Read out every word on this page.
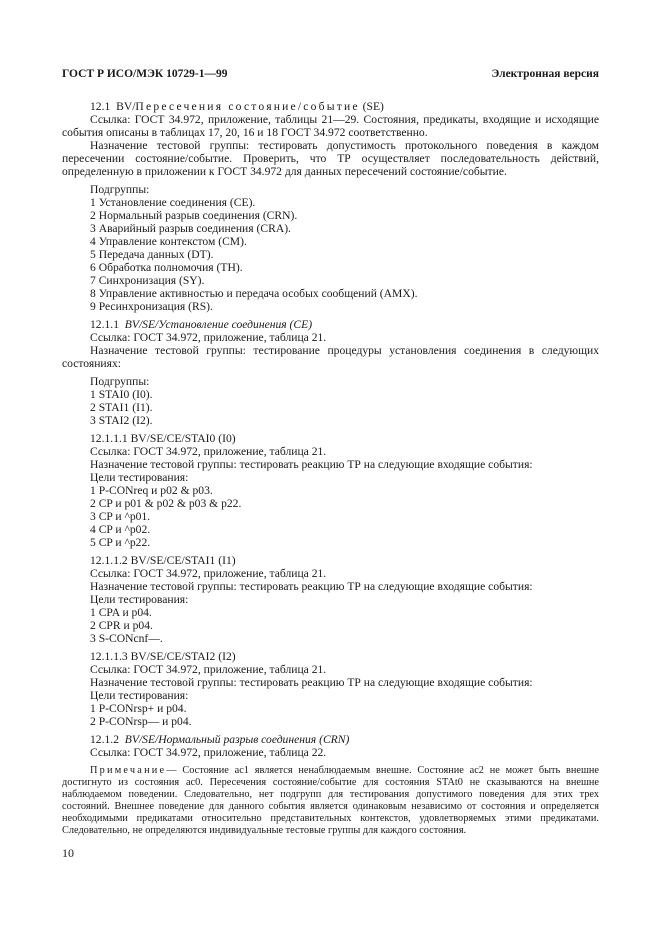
ГОСТ Р ИСО/МЭК 10729-1—99	Электронная версия

12.1 BV/Пересечения состояние/событие (SE)

Ссылка: ГОСТ 34.972, приложение, таблицы 21—29. Состояния, предикаты, входящие и исходящие события описаны в таблицах 17, 20, 16 и 18 ГОСТ 34.972 соответственно.

Назначение тестовой группы: тестировать допустимость протокольного поведения в каждом пересечении состояние/событие. Проверить, что ТР осуществляет последовательность действий, определенную в приложении к ГОСТ 34.972 для данных пересечений состояние/событие.

Подгруппы:

1 Установление соединения (CE).

2 Нормальный разрыв соединения (CRN).

3 Аварийный разрыв соединения (CRA).

4 Управление контекстом (CM).

5 Передача данных (DT).

6 Обработка полномочия (TH).

7 Синхронизация (SY).

8 Управление активностью и передача особых сообщений (AMX).

9 Ресинхронизация (RS).

12.1.1 BV/SE/Установление соединения (CE)

Ссылка: ГОСТ 34.972, приложение, таблица 21.

Назначение тестовой группы: тестирование процедуры установления соединения в следующих состояниях:

Подгруппы:

1 STAI0 (I0).

2 STAI1 (I1).

3 STAI2 (I2).

12.1.1.1 BV/SE/CE/STAI0 (I0)

Ссылка: ГОСТ 34.972, приложение, таблица 21.

Назначение тестовой группы: тестировать реакцию ТР на следующие входящие события:

Цели тестирования:

1 P-CONreq и p02 & p03.

2 CP и p01 & p02 & p03 & p22.

3 CP и ^p01.

4 CP и ^p02.

5 CP и ^p22.

12.1.1.2 BV/SE/CE/STAI1 (I1)

Ссылка: ГОСТ 34.972, приложение, таблица 21.

Назначение тестовой группы: тестировать реакцию ТР на следующие входящие события:

Цели тестирования:

1 CPA и p04.

2 CPR и p04.

3 S-CONcnf—.

12.1.1.3 BV/SE/CE/STAI2 (I2)

Ссылка: ГОСТ 34.972, приложение, таблица 21.

Назначение тестовой группы: тестировать реакцию ТР на следующие входящие события:

Цели тестирования:

1 P-CONrsp+ и p04.

2 P-CONrsp— и p04.

12.1.2 BV/SE/Нормальный разрыв соединения (CRN)

Ссылка: ГОСТ 34.972, приложение, таблица 22.

Примечание— Состояние ac1 является ненаблюдаемым внешне. Состояние ac2 не может быть внешне достигнуто из состояния ac0. Пересечения состояние/событие для состояния STAt0 не сказываются на внешне наблюдаемом поведении. Следовательно, нет подгрупп для тестирования допустимого поведения для этих трех состояний. Внешнее поведение для данного события является одинаковым независимо от состояния и определяется необходимыми предикатами относительно представительных контекстов, удовлетворяемых этими предикатами. Следовательно, не определяются индивидуальные тестовые группы для каждого состояния.

10
